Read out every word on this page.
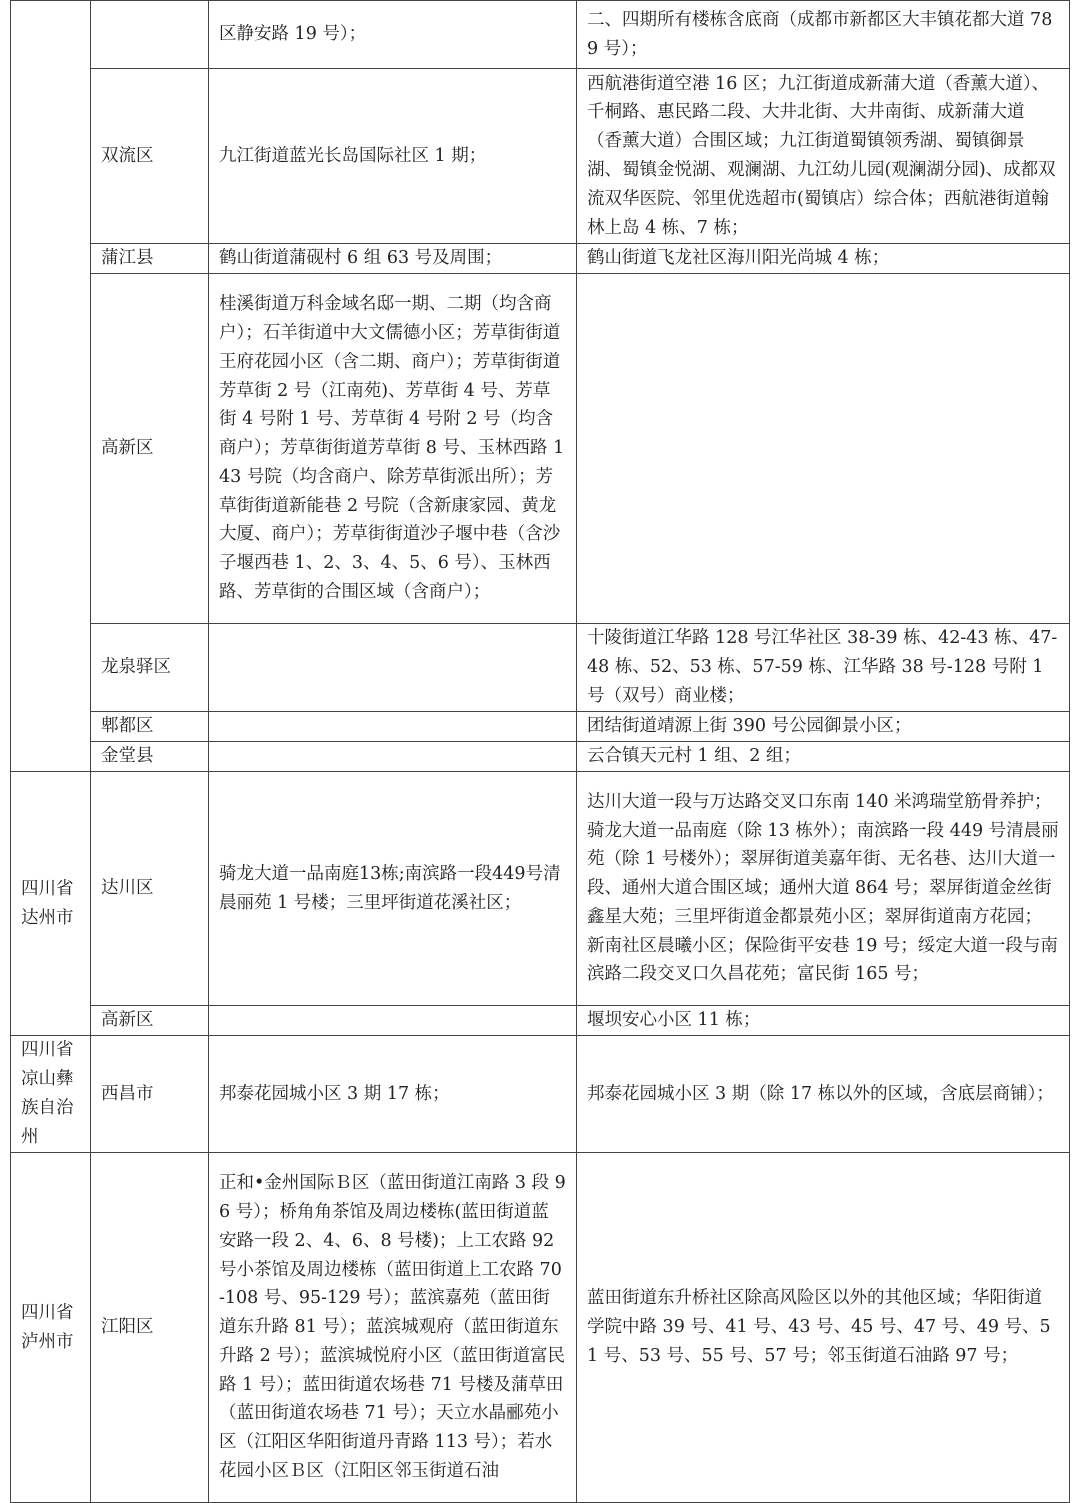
		区静安路 19 号）；	二、四期所有楼栋含底商（成都市新都区大丰镇花都大道 789 号）；
	双流区	九江街道蓝光长岛国际社区 1 期；	西航港街道空港 16 区；九江街道成新蒲大道（香薰大道）、千桐路、惠民路二段、大井北街、大井南街、成新蒲大道（香薰大道）合围区域；九江街道蜀镇领秀湖、蜀镇御景湖、蜀镇金悦湖、观澜湖、九江幼儿园(观澜湖分园)、成都双流双华医院、邻里优选超市(蜀镇店）综合体；西航港街道翰林上岛 4 栋、7 栋；
	蒲江县	鹤山街道蒲砚村 6 组 63 号及周围；	鹤山街道飞龙社区海川阳光尚城 4 栋；
	高新区	桂溪街道万科金域名邸一期、二期（均含商户）；石羊街道中大文儒德小区；芳草街街道王府花园小区（含二期、商户）；芳草街街道芳草街 2 号（江南苑)、芳草街 4 号、芳草街 4 号附 1 号、芳草街 4 号附 2 号（均含商户）；芳草街街道芳草街 8 号、玉林西路 143 号院（均含商户、除芳草街派出所）；芳草街街道新能巷 2 号院（含新康家园、黄龙大厦、商户）；芳草街街道沙子堰中巷（含沙子堰西巷 1、2、3、4、5、6 号）、玉林西路、芳草街的合围区域（含商户）；	
	龙泉驿区		十陵街道江华路 128 号江华社区 38-39 栋、42-43 栋、47-48 栋、52、53 栋、57-59 栋、江华路 38 号-128 号附 1 号（双号）商业楼；
	郫都区		团结街道靖源上街 390 号公园御景小区；
	金堂县		云合镇天元村 1 组、2 组；
四川省达州市	达川区	骑龙大道一品南庭13栋;南滨路一段449号清晨丽苑 1 号楼；三里坪街道花溪社区；	达川大道一段与万达路交叉口东南 140 米鸿瑞堂筋骨养护；骑龙大道一品南庭（除 13 栋外）；南滨路一段 449 号清晨丽苑（除 1 号楼外）；翠屏街道美嘉年街、无名巷、达川大道一段、通州大道合围区域；通州大道 864 号；翠屏街道金丝街鑫星大苑；三里坪街道金都景苑小区；翠屏街道南方花园；新南社区晨曦小区；保险街平安巷 19 号；绥定大道一段与南滨路二段交叉口久昌花苑；富民街 165 号；
	高新区		堰坝安心小区 11 栋；
四川省凉山彝族自治州	西昌市	邦泰花园城小区 3 期 17 栋；	邦泰花园城小区 3 期（除 17 栋以外的区域，含底层商铺）；
四川省泸州市	江阳区	正和•金州国际Ｂ区（蓝田街道江南路 3 段 96 号）；桥角角茶馆及周边楼栋(蓝田街道蓝安路一段 2、4、6、8 号楼)；上工农路 92 号小茶馆及周边楼栋（蓝田街道上工农路 70-108 号、95-129 号）；蓝滨嘉苑（蓝田街道东升路 81 号）；蓝滨城观府（蓝田街道东升路 2 号）；蓝滨城悦府小区（蓝田街道富民路 1 号）；蓝田街道农场巷 71 号楼及蒲草田（蓝田街道农场巷 71 号）；天立水晶郦苑小区（江阳区华阳街道丹青路 113 号）；若水花园小区Ｂ区（江阳区邻玉街道石油	蓝田街道东升桥社区除高风险区以外的其他区域；华阳街道学院中路 39 号、41 号、43 号、45 号、47 号、49 号、51 号、53 号、55 号、57 号；邻玉街道石油路 97 号；
